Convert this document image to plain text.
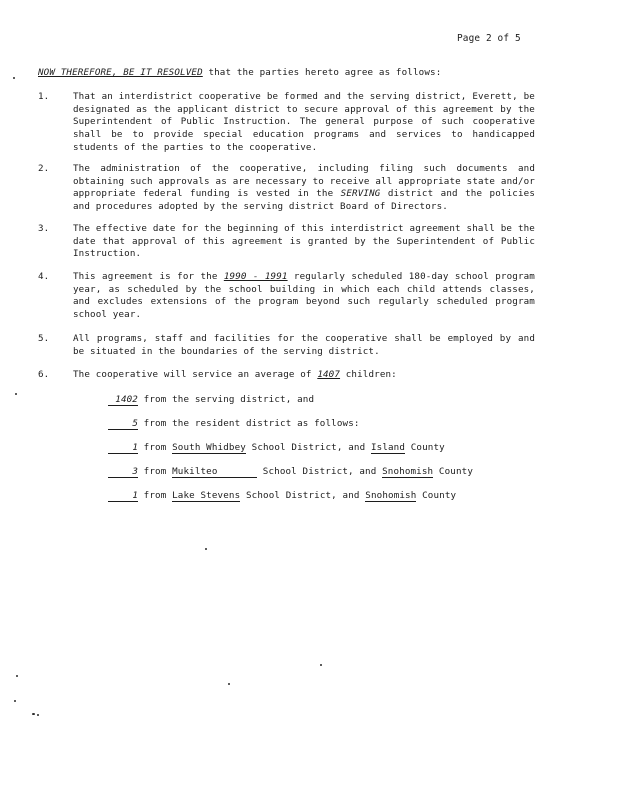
Page 2 of 5
NOW THEREFORE, BE IT RESOLVED that the parties hereto agree as follows:
1.	That an interdistrict cooperative be formed and the serving district, Everett, be designated as the applicant district to secure approval of this agreement by the Superintendent of Public Instruction. The general purpose of such cooperative shall be to provide special education programs and services to handicapped students of the parties to the cooperative.
2.	The administration of the cooperative, including filing such documents and obtaining such approvals as are necessary to receive all appropriate state and/or appropriate federal funding is vested in the SERVING district and the policies and procedures adopted by the serving district Board of Directors.
3.	The effective date for the beginning of this interdistrict agreement shall be the date that approval of this agreement is granted by the Superintendent of Public Instruction.
4.	This agreement is for the 1990 - 1991 regularly scheduled 180-day school program year, as scheduled by the school building in which each child attends classes, and excludes extensions of the program beyond such regularly scheduled program school year.
5.	All programs, staff and facilities for the cooperative shall be employed by and be situated in the boundaries of the serving district.
6.	The cooperative will service an average of 1407 children:
1402 from the serving district, and
5 from the resident district as follows:
1 from South Whidbey School District, and Island County
3 from Mukilteo	School District, and Snohomish County
1 from Lake Stevens School District, and Snohomish County
